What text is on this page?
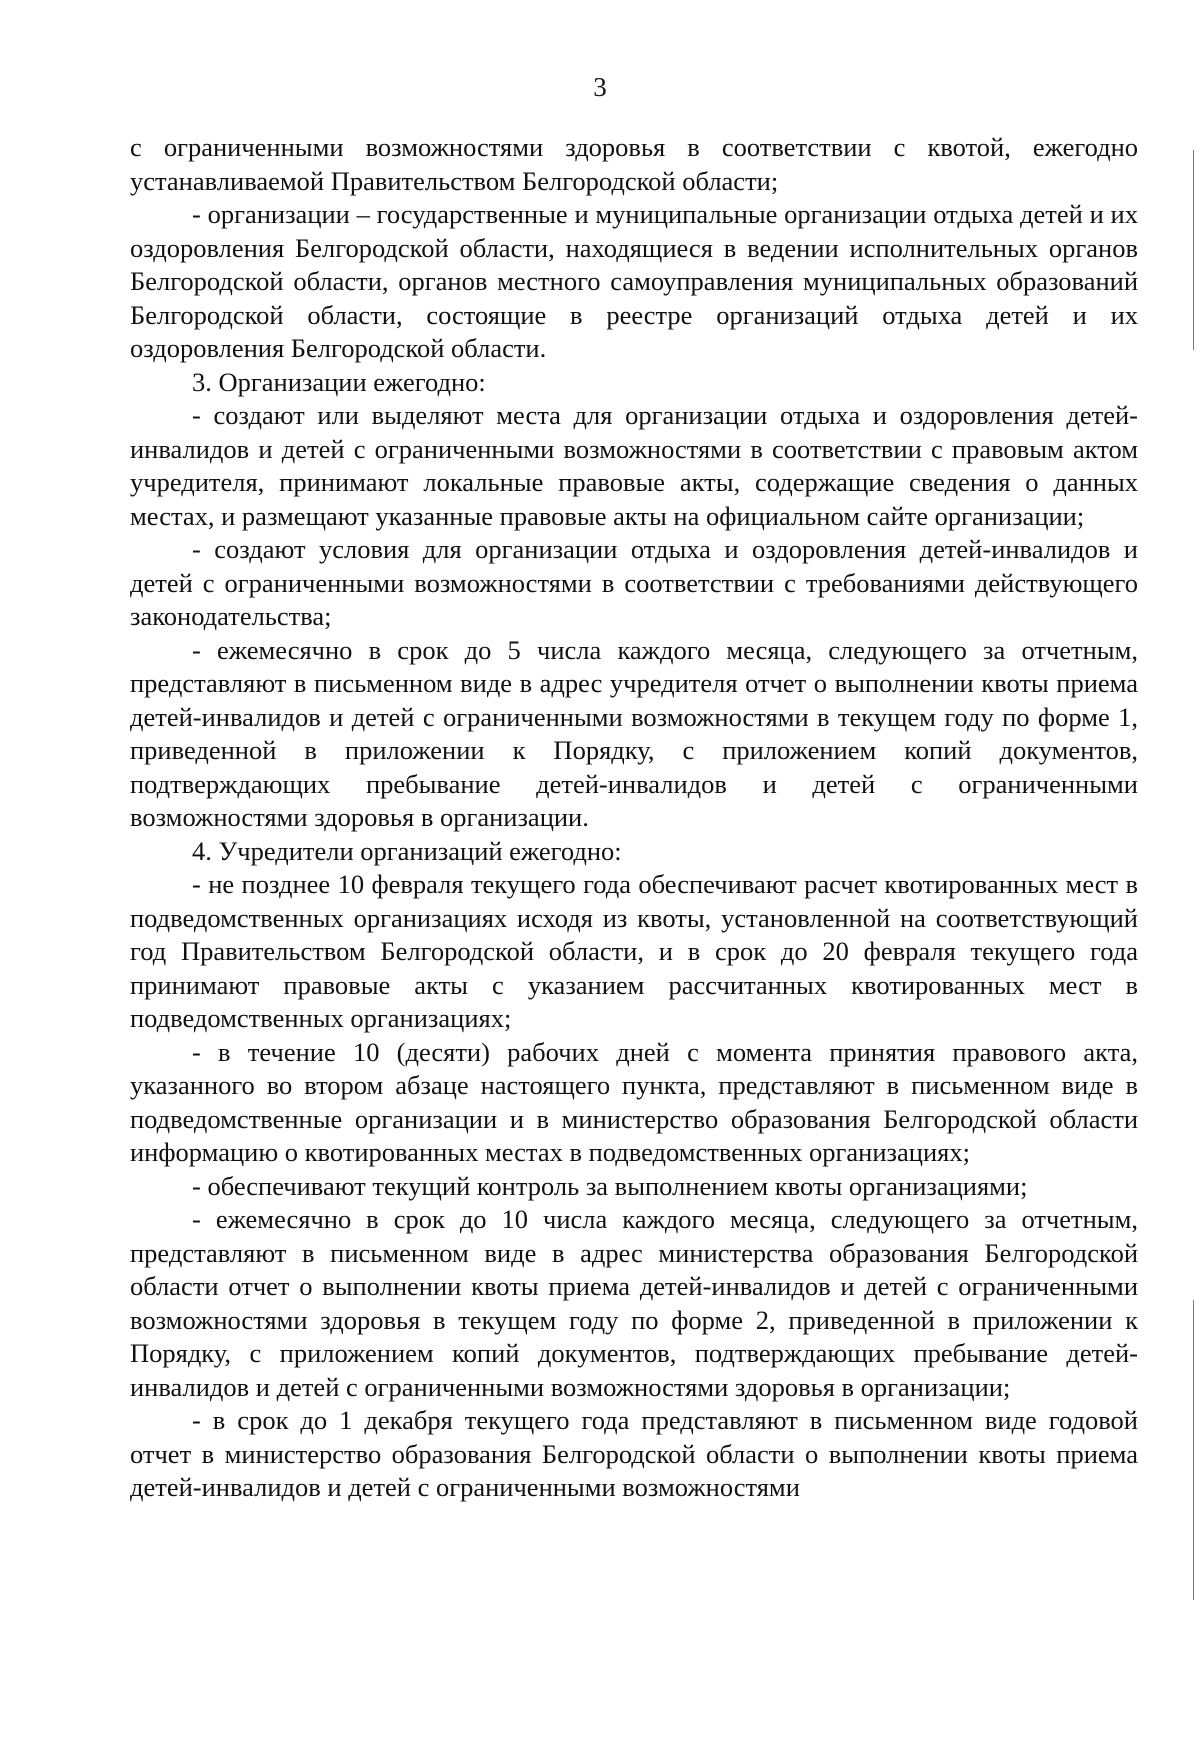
3

с ограниченными возможностями здоровья в соответствии с квотой, ежегодно устанавливаемой Правительством Белгородской области;

- организации – государственные и муниципальные организации отдыха детей и их оздоровления Белгородской области, находящиеся в ведении исполнительных органов Белгородской области, органов местного самоуправления муниципальных образований Белгородской области, состоящие в реестре организаций отдыха детей и их оздоровления Белгородской области.

3. Организации ежегодно:

- создают или выделяют места для организации отдыха и оздоровления детей-инвалидов и детей с ограниченными возможностями в соответствии с правовым актом учредителя, принимают локальные правовые акты, содержащие сведения о данных местах, и размещают указанные правовые акты на официальном сайте организации;

- создают условия для организации отдыха и оздоровления детей-инвалидов и детей с ограниченными возможностями в соответствии с требованиями действующего законодательства;

- ежемесячно в срок до 5 числа каждого месяца, следующего за отчетным, представляют в письменном виде в адрес учредителя отчет о выполнении квоты приема детей-инвалидов и детей с ограниченными возможностями в текущем году по форме 1, приведенной в приложении к Порядку, с приложением копий документов, подтверждающих пребывание детей-инвалидов и детей с ограниченными возможностями здоровья в организации.

4. Учредители организаций ежегодно:

- не позднее 10 февраля текущего года обеспечивают расчет квотированных мест в подведомственных организациях исходя из квоты, установленной на соответствующий год Правительством Белгородской области, и в срок до 20 февраля текущего года принимают правовые акты с указанием рассчитанных квотированных мест в подведомственных организациях;

- в течение 10 (десяти) рабочих дней с момента принятия правового акта, указанного во втором абзаце настоящего пункта, представляют в письменном виде в подведомственные организации и в министерство образования Белгородской области информацию о квотированных местах в подведомственных организациях;

- обеспечивают текущий контроль за выполнением квоты организациями;

- ежемесячно в срок до 10 числа каждого месяца, следующего за отчетным, представляют в письменном виде в адрес министерства образования Белгородской области отчет о выполнении квоты приема детей-инвалидов и детей с ограниченными возможностями здоровья в текущем году по форме 2, приведенной в приложении к Порядку, с приложением копий документов, подтверждающих пребывание детей-инвалидов и детей с ограниченными возможностями здоровья в организации;

- в срок до 1 декабря текущего года представляют в письменном виде годовой отчет в министерство образования Белгородской области о выполнении квоты приема детей-инвалидов и детей с ограниченными возможностями
